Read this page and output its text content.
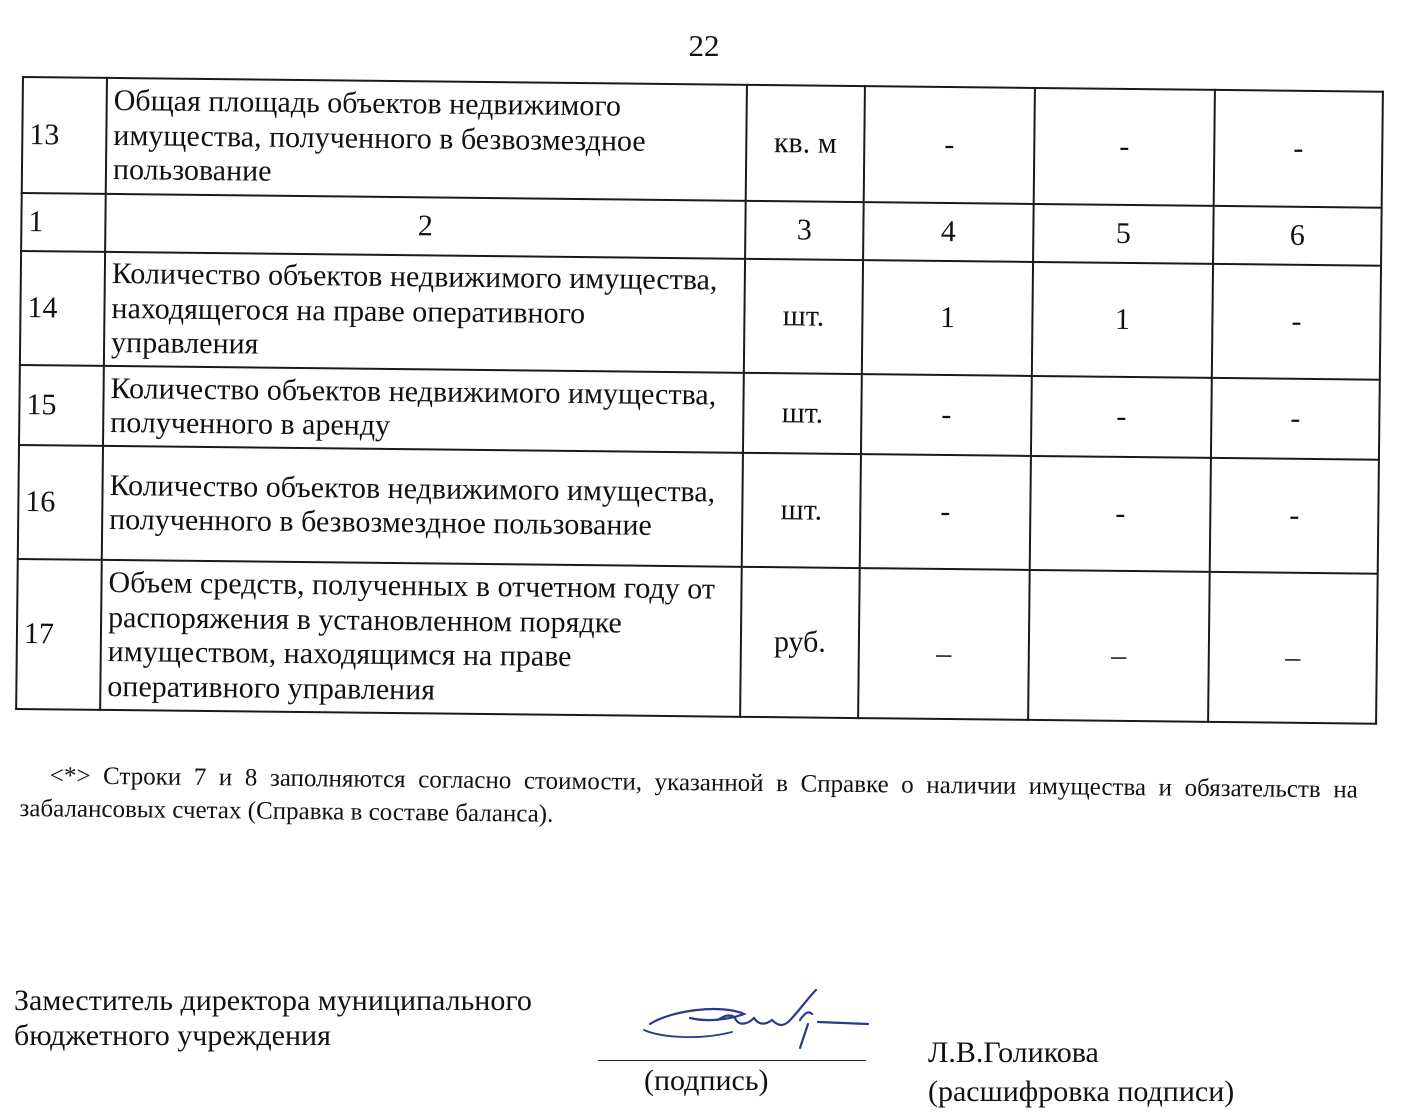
22
13	Общая площадь объектов недвижимого имущества, полученного в безвозмездное пользование	кв. м	-	-	-
1	2	3	4	5	6
14	Количество объектов недвижимого имущества, находящегося на праве оперативного управления	шт.	1	1	-
15	Количество объектов недвижимого имущества, полученного в аренду	шт.	-	-	-
16	Количество объектов недвижимого имущества, полученного в безвозмездное пользование	шт.	-	-	-
17	Объем средств, полученных в отчетном году от распоряжения в установленном порядке имуществом, находящимся на праве оперативного управления	руб.	_	_	_
<*> Строки 7 и 8 заполняются согласно стоимости, указанной в Справке о наличии имущества и обязательств на забалансовых счетах (Справка в составе баланса).
Заместитель директора муниципального бюджетного учреждения
(подпись)
Л.В.Голикова
(расшифровка подписи)
